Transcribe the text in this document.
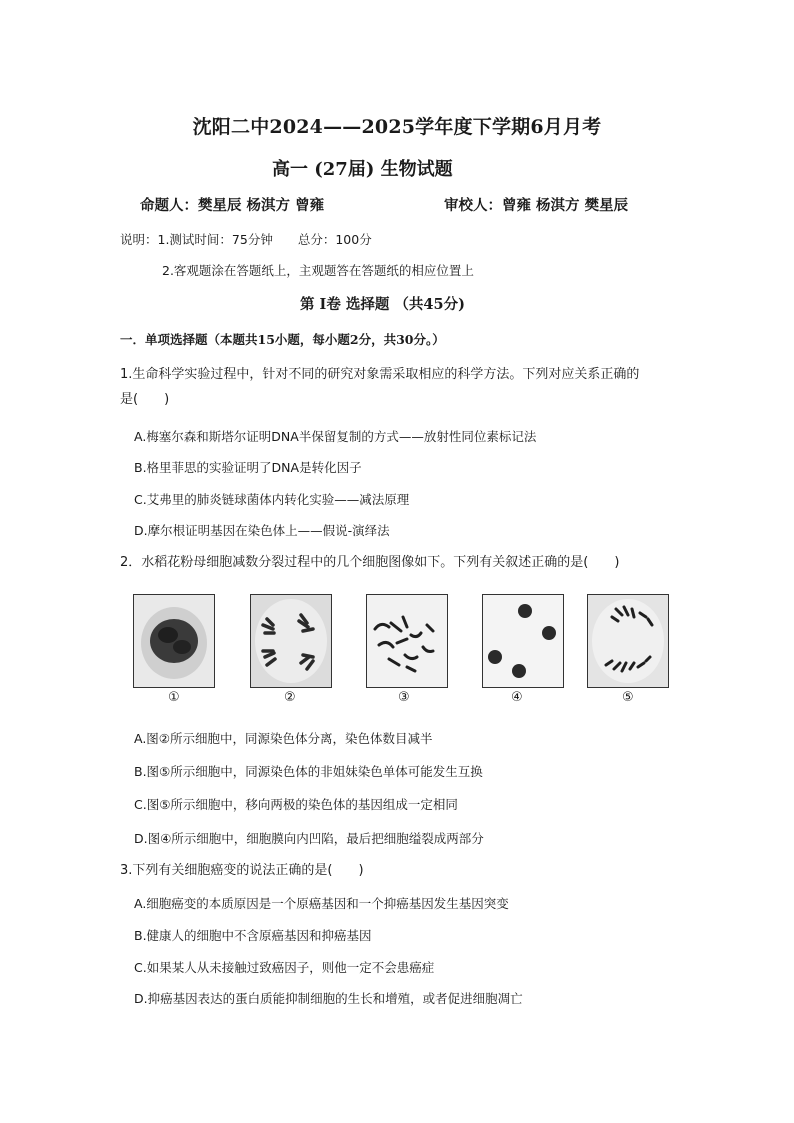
沈阳二中2024——2025学年度下学期6月月考
高一 (27届) 生物试题
命题人：樊星辰 杨淇方 曾雍	审校人：曾雍 杨淇方 樊星辰
说明：1.测试时间：75分钟　　总分：100分
2.客观题涂在答题纸上，主观题答在答题纸的相应位置上
第 Ⅰ卷 选择题 （共45分)
一．单项选择题（本题共15小题，每小题2分，共30分。）
1.生命科学实验过程中，针对不同的研究对象需采取相应的科学方法。下列对应关系正确的
是(　　)
A.梅塞尔森和斯塔尔证明DNA半保留复制的方式——放射性同位素标记法
B.格里菲思的实验证明了DNA是转化因子
C.艾弗里的肺炎链球菌体内转化实验——减法原理
D.摩尔根证明基因在染色体上——假说-演绎法
2．水稻花粉母细胞减数分裂过程中的几个细胞图像如下。下列有关叙述正确的是(　　)
①	②	③	④	⑤
A.图②所示细胞中，同源染色体分离，染色体数目减半
B.图⑤所示细胞中，同源染色体的非姐妹染色单体可能发生互换
C.图⑤所示细胞中，移向两极的染色体的基因组成一定相同
D.图④所示细胞中，细胞膜向内凹陷，最后把细胞缢裂成两部分
3.下列有关细胞癌变的说法正确的是(　　)
A.细胞癌变的本质原因是一个原癌基因和一个抑癌基因发生基因突变
B.健康人的细胞中不含原癌基因和抑癌基因
C.如果某人从未接触过致癌因子，则他一定不会患癌症
D.抑癌基因表达的蛋白质能抑制细胞的生长和增殖，或者促进细胞凋亡
